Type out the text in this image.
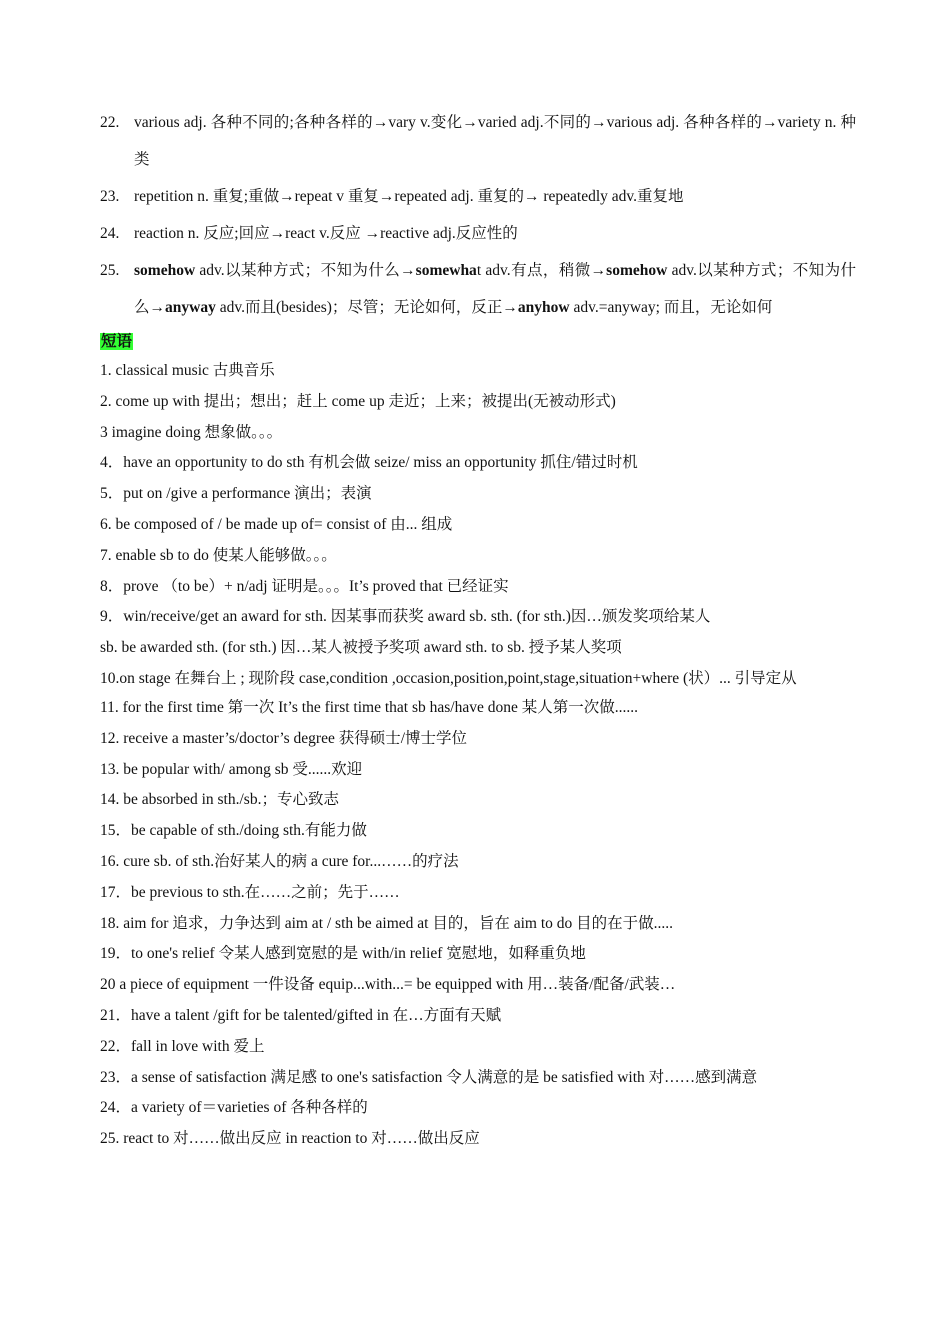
22. various adj. 各种不同的;各种各样的→vary v.变化→varied adj.不同的→various adj. 各种各样的→variety n. 种类
23. repetition n. 重复;重做→repeat v 重复→repeated adj. 重复的→ repeatedly adv.重复地
24. reaction n. 反应;回应→react v.反应 →reactive adj.反应性的
25. somehow adv.以某种方式；不知为什么→somewhat adv.有点，稍微→somehow adv.以某种方式；不知为什么→anyway adv.而且(besides)；尽管；无论如何，反正→anyhow adv.=anyway; 而且，无论如何
短语
1. classical music 古典音乐
2. come up with 提出；想出；赶上 come up 走近；上来；被提出(无被动形式)
3 imagine doing 想象做。。。
4．have an opportunity to do sth 有机会做 seize/ miss an opportunity 抓住/错过时机
5．put on /give a performance 演出；表演
6. be composed of / be made up of= consist of 由... 组成
7. enable sb to do 使某人能够做。。。
8．prove （to be）+ n/adj 证明是。。。It’s proved that 已经证实
9．win/receive/get an award for sth. 因某事而获奖 award sb. sth. (for sth.)因…颁发奖项给某人
sb. be awarded sth. (for sth.) 因…某人被授予奖项 award sth. to sb. 授予某人奖项
10.on stage 在舞台上 ; 现阶段 case,condition ,occasion,position,point,stage,situation+where (状）... 引导定从
11. for the first time 第一次 It’s the first time that sb has/have done 某人第一次做......
12. receive a master’s/doctor’s degree 获得硕士/博士学位
13. be popular with/ among sb 受......欢迎
14. be absorbed in sth./sb.；专心致志
15．be capable of sth./doing sth.有能力做
16. cure sb. of sth.治好某人的病 a cure for...……的疗法
17．be previous to sth.在……之前；先于……
18. aim for 追求，力争达到 aim at / sth be aimed at 目的，旨在 aim to do 目的在于做.....
19．to one's relief 令某人感到宽慰的是 with/in relief 宽慰地，如释重负地
20 a piece of equipment 一件设备 equip...with...= be equipped with 用…装备/配备/武装…
21．have a talent /gift for be talented/gifted in 在…方面有天赋
22．fall in love with 爱上
23．a sense of satisfaction 满足感 to one's satisfaction 令人满意的是 be satisfied with 对……感到满意
24．a variety of＝varieties of 各种各样的
25. react to 对……做出反应 in reaction to 对……做出反应
